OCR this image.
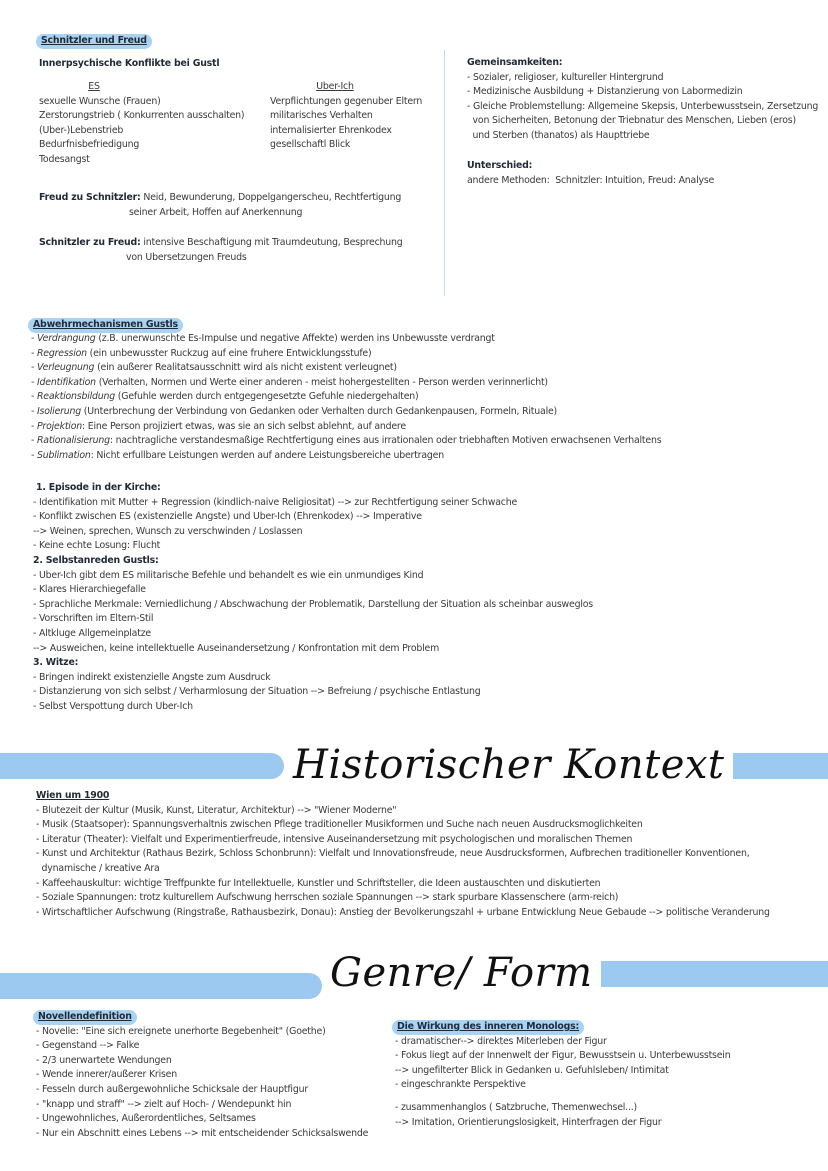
Schnitzler und Freud
Innerpsychische Konflikte bei Gustl
ES
sexuelle Wunsche (Frauen)
Zerstorungstrieb ( Konkurrenten ausschalten)
(Uber-)Lebenstrieb
Bedurfnisbefriedigung
Todesangst
Uber-Ich
Verpflichtungen gegenuber Eltern
militarisches Verhalten
internalisierter Ehrenkodex
gesellschaftl Blick
Freud zu Schnitzler: Neid, Bewunderung, Doppelgangerscheu, Rechtfertigung
seiner Arbeit, Hoffen auf Anerkennung
Schnitzler zu Freud: intensive Beschaftigung mit Traumdeutung, Besprechung
von Ubersetzungen Freuds
Gemeinsamkeiten:
- Sozialer, religioser, kultureller Hintergrund
- Medizinische Ausbildung + Distanzierung von Labormedizin
- Gleiche Problemstellung: Allgemeine Skepsis, Unterbewusstsein, Zersetzung
von Sicherheiten, Betonung der Triebnatur des Menschen, Lieben (eros)
und Sterben (thanatos) als Haupttriebe
Unterschied:
andere Methoden:  Schnitzler: Intuition, Freud: Analyse
Abwehrmechanismen Gustls
- Verdrangung (z.B. unerwunschte Es-Impulse und negative Affekte) werden ins Unbewusste verdrangt
- Regression (ein unbewusster Ruckzug auf eine fruhere Entwicklungsstufe)
- Verleugnung (ein außerer Realitatsausschnitt wird als nicht existent verleugnet)
- Identifikation (Verhalten, Normen und Werte einer anderen - meist hohergestellten - Person werden verinnerlicht)
- Reaktionsbildung (Gefuhle werden durch entgegengesetzte Gefuhle niedergehalten)
- Isolierung (Unterbrechung der Verbindung von Gedanken oder Verhalten durch Gedankenpausen, Formeln, Rituale)
- Projektion: Eine Person projiziert etwas, was sie an sich selbst ablehnt, auf andere
- Rationalisierung: nachtragliche verstandesmaßige Rechtfertigung eines aus irrationalen oder triebhaften Motiven erwachsenen Verhaltens
- Sublimation: Nicht erfullbare Leistungen werden auf andere Leistungsbereiche ubertragen
1. Episode in der Kirche:
- Identifikation mit Mutter + Regression (kindlich-naive Religiositat) --> zur Rechtfertigung seiner Schwache
- Konflikt zwischen ES (existenzielle Angste) und Uber-Ich (Ehrenkodex) --> Imperative
--> Weinen, sprechen, Wunsch zu verschwinden / Loslassen
- Keine echte Losung: Flucht
2. Selbstanreden Gustls:
- Uber-Ich gibt dem ES militarische Befehle und behandelt es wie ein unmundiges Kind
- Klares Hierarchiegefalle
- Sprachliche Merkmale: Verniedlichung / Abschwachung der Problematik, Darstellung der Situation als scheinbar ausweglos
- Vorschriften im Eltern-Stil
- Altkluge Allgemeinplatze
--> Ausweichen, keine intellektuelle Auseinandersetzung / Konfrontation mit dem Problem
3. Witze:
- Bringen indirekt existenzielle Angste zum Ausdruck
- Distanzierung von sich selbst / Verharmlosung der Situation --> Befreiung / psychische Entlastung
- Selbst Verspottung durch Uber-Ich
Historischer Kontext
Wien um 1900
- Blutezeit der Kultur (Musik, Kunst, Literatur, Architektur) --> "Wiener Moderne"
- Musik (Staatsoper): Spannungsverhaltnis zwischen Pflege traditioneller Musikformen und Suche nach neuen Ausdrucksmoglichkeiten
- Literatur (Theater): Vielfalt und Experimentierfreude, intensive Auseinandersetzung mit psychologischen und moralischen Themen
- Kunst und Architektur (Rathaus Bezirk, Schloss Schonbrunn): Vielfalt und Innovationsfreude, neue Ausdrucksformen, Aufbrechen traditioneller Konventionen,
dynamische / kreative Ara
- Kaffeehauskultur: wichtige Treffpunkte fur Intellektuelle, Kunstler und Schriftsteller, die Ideen austauschten und diskutierten
- Soziale Spannungen: trotz kulturellem Aufschwung herrschen soziale Spannungen --> stark spurbare Klassenschere (arm-reich)
- Wirtschaftlicher Aufschwung (Ringstraße, Rathausbezirk, Donau): Anstieg der Bevolkerungszahl + urbane Entwicklung Neue Gebaude --> politische Veranderung
Genre/ Form
Novellendefinition
- Novelle: "Eine sich ereignete unerhorte Begebenheit" (Goethe)
- Gegenstand --> Falke
- 2/3 unerwartete Wendungen
- Wende innerer/außerer Krisen
- Fesseln durch außergewohnliche Schicksale der Hauptfigur
- "knapp und straff" --> zielt auf Hoch- / Wendepunkt hin
- Ungewohnliches, Außerordentliches, Seltsames
- Nur ein Abschnitt eines Lebens --> mit entscheidender Schicksalswende
Die Wirkung des inneren Monologs:
- dramatischer--> direktes Miterleben der Figur
- Fokus liegt auf der Innenwelt der Figur, Bewusstsein u. Unterbewusstsein
--> ungefilterter Blick in Gedanken u. Gefuhlsleben/ Intimitat
- eingeschrankte Perspektive
- zusammenhanglos ( Satzbruche, Themenwechsel...)
--> Imitation, Orientierungslosigkeit, Hinterfragen der Figur
